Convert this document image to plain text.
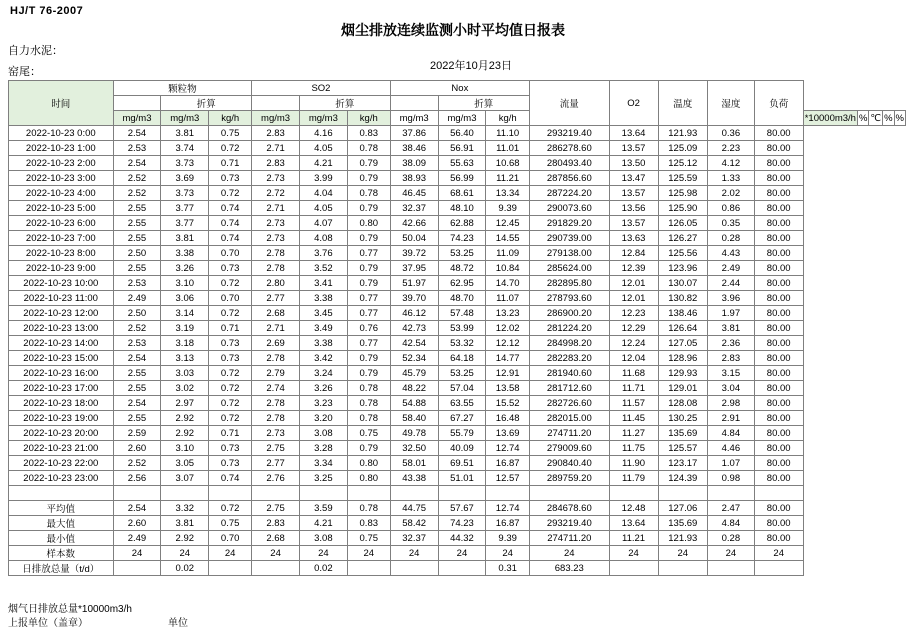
HJ/T 76-2007
烟尘排放连续监测小时平均值日报表
自力水泥：
窑尾：	2022年10月23日
时间	颗粒物			SO2			Nox			流量	O2	温度	湿度	负荷					
		折算			折算			折算											
	mg/m3	mg/m3	kg/h	mg/m3	mg/m3	kg/h	mg/m3	mg/m3	kg/h						*10000m3/h	%	℃	%	%
2022-10-23 0:00	2.54	3.81	0.75	2.83	4.16	0.83	37.86	56.40	11.10	293219.40	13.64	121.93	0.36	80.00					
2022-10-23 1:00	2.53	3.74	0.72	2.71	4.05	0.78	38.46	56.91	11.01	286278.60	13.57	125.09	2.23	80.00					
2022-10-23 2:00	2.54	3.73	0.71	2.83	4.21	0.79	38.09	55.63	10.68	280493.40	13.50	125.12	4.12	80.00					
2022-10-23 3:00	2.52	3.69	0.73	2.73	3.99	0.79	38.93	56.99	11.21	287856.60	13.47	125.59	1.33	80.00					
2022-10-23 4:00	2.52	3.73	0.72	2.72	4.04	0.78	46.45	68.61	13.34	287224.20	13.57	125.98	2.02	80.00					
2022-10-23 5:00	2.55	3.77	0.74	2.71	4.05	0.79	32.37	48.10	9.39	290073.60	13.56	125.90	0.86	80.00					
2022-10-23 6:00	2.55	3.77	0.74	2.73	4.07	0.80	42.66	62.88	12.45	291829.20	13.57	126.05	0.35	80.00					
2022-10-23 7:00	2.55	3.81	0.74	2.73	4.08	0.79	50.04	74.23	14.55	290739.00	13.63	126.27	0.28	80.00					
2022-10-23 8:00	2.50	3.38	0.70	2.78	3.76	0.77	39.72	53.25	11.09	279138.00	12.84	125.56	4.43	80.00					
2022-10-23 9:00	2.55	3.26	0.73	2.78	3.52	0.79	37.95	48.72	10.84	285624.00	12.39	123.96	2.49	80.00					
2022-10-23 10:00	2.53	3.10	0.72	2.80	3.41	0.79	51.97	62.95	14.70	282895.80	12.01	130.07	2.44	80.00					
2022-10-23 11:00	2.49	3.06	0.70	2.77	3.38	0.77	39.70	48.70	11.07	278793.60	12.01	130.82	3.96	80.00					
2022-10-23 12:00	2.50	3.14	0.72	2.68	3.45	0.77	46.12	57.48	13.23	286900.20	12.23	138.46	1.97	80.00					
2022-10-23 13:00	2.52	3.19	0.71	2.71	3.49	0.76	42.73	53.99	12.02	281224.20	12.29	126.64	3.81	80.00					
2022-10-23 14:00	2.53	3.18	0.73	2.69	3.38	0.77	42.54	53.32	12.12	284998.20	12.24	127.05	2.36	80.00					
2022-10-23 15:00	2.54	3.13	0.73	2.78	3.42	0.79	52.34	64.18	14.77	282283.20	12.04	128.96	2.83	80.00					
2022-10-23 16:00	2.55	3.03	0.72	2.79	3.24	0.79	45.79	53.25	12.91	281940.60	11.68	129.93	3.15	80.00					
2022-10-23 17:00	2.55	3.02	0.72	2.74	3.26	0.78	48.22	57.04	13.58	281712.60	11.71	129.01	3.04	80.00					
2022-10-23 18:00	2.54	2.97	0.72	2.78	3.23	0.78	54.88	63.55	15.52	282726.60	11.57	128.08	2.98	80.00					
2022-10-23 19:00	2.55	2.92	0.72	2.78	3.20	0.78	58.40	67.27	16.48	282015.00	11.45	130.25	2.91	80.00					
2022-10-23 20:00	2.59	2.92	0.71	2.73	3.08	0.75	49.78	55.79	13.69	274711.20	11.27	135.69	4.84	80.00					
2022-10-23 21:00	2.60	3.10	0.73	2.75	3.28	0.79	32.50	40.09	12.74	279009.60	11.75	125.57	4.46	80.00					
2022-10-23 22:00	2.52	3.05	0.73	2.77	3.34	0.80	58.01	69.51	16.87	290840.40	11.90	123.17	1.07	80.00					
2022-10-23 23:00	2.56	3.07	0.74	2.76	3.25	0.80	43.38	51.01	12.57	289759.20	11.79	124.39	0.98	80.00					

平均值	2.54	3.32	0.72	2.75	3.59	0.78	44.75	57.67	12.74	284678.60	12.48	127.06	2.47	80.00					
最大值	2.60	3.81	0.75	2.83	4.21	0.83	58.42	74.23	16.87	293219.40	13.64	135.69	4.84	80.00					
最小值	2.49	2.92	0.70	2.68	3.08	0.75	32.37	44.32	9.39	274711.20	11.21	121.93	0.28	80.00					
样本数	24	24	24	24	24	24	24	24	24	24	24	24	24	24					
日排放总量（t/d）		0.02			0.02				0.31	683.23									
烟气日排放总量*10000m3/h
上报单位（盖章）	单位
